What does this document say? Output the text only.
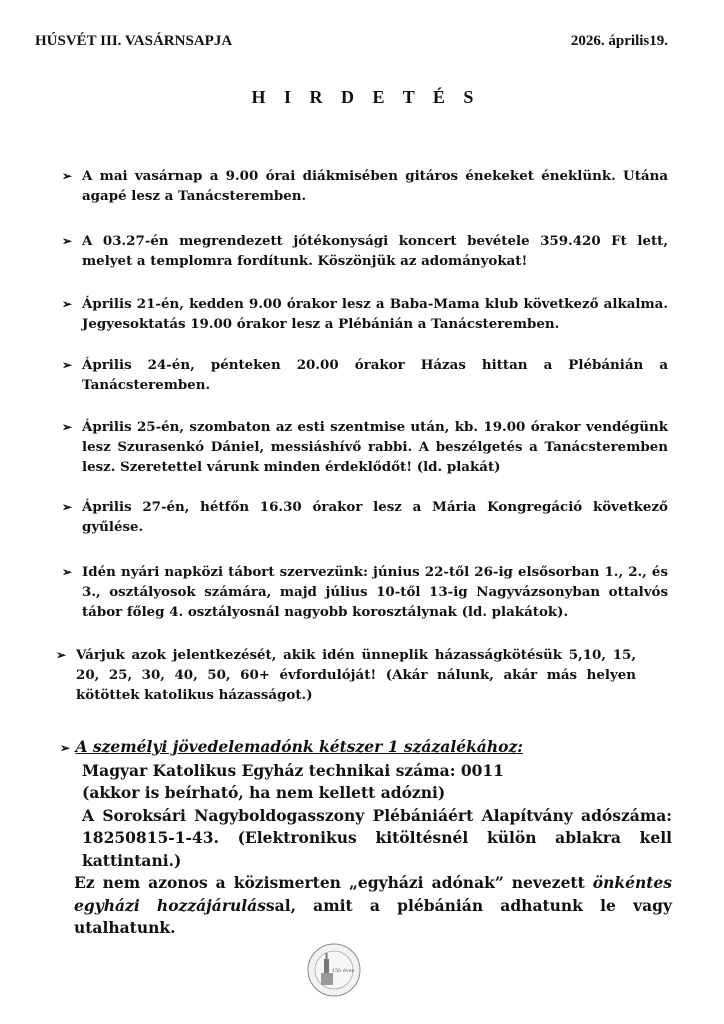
HÚSVÉT III. VASÁRNSAPJA	2026. április19.
H I R D E T É S
➢ A mai vasárnap a 9.00 órai diákmisében gitáros énekeket éneklünk. Utána agapé lesz a Tanácsteremben.
➢ A 03.27-én megrendezett jótékonysági koncert bevétele 359.420 Ft lett, melyet a templomra fordítunk. Köszönjük az adományokat!
➢ Április 21-én, kedden 9.00 órakor lesz a Baba-Mama klub következő alkalma. Jegyesoktatás 19.00 órakor lesz a Plébánián a Tanácsteremben.
➢ Április 24-én, pénteken 20.00 órakor Házas hittan a Plébánián a Tanácsteremben.
➢ Április 25-én, szombaton az esti szentmise után, kb. 19.00 órakor vendégünk lesz Szurasenkó Dániel, messiáshívő rabbi. A beszélgetés a Tanácsteremben lesz. Szeretettel várunk minden érdeklődőt! (ld. plakát)
➢ Április 27-én, hétfőn 16.30 órakor lesz a Mária Kongregáció következő gyűlése.
➢ Idén nyári napközi tábort szervezünk: június 22-től 26-ig elsősorban 1., 2., és 3., osztályosok számára, majd július 10-től 13-ig Nagyvázsonyban ottalvós tábor főleg 4. osztályosnál nagyobb korosztálynak (ld. plakátok).
➢ Várjuk azok jelentkezését, akik idén ünneplik házasságkötésük 5,10, 15, 20, 25, 30, 40, 50, 60+ évfordulóját! (Akár nálunk, akár más helyen kötöttek katolikus házasságot.)

➢ A személyi jövedelemadónk kétszer 1 százalékához:

Magyar Katolikus Egyház technikai száma: 0011

(akkor is beírható, ha nem kellett adózni)

A Soroksári Nagyboldogasszony Plébániáért Alapítvány adószáma: 18250815-1-43. (Elektronikus kitöltésnél külön ablakra kell kattintani.)

Ez nem azonos a közismerten „egyházi adónak” nevezett önkéntes egyházi hozzájárulással, amit a plébánián adhatunk le vagy utalhatunk.

150 éves
